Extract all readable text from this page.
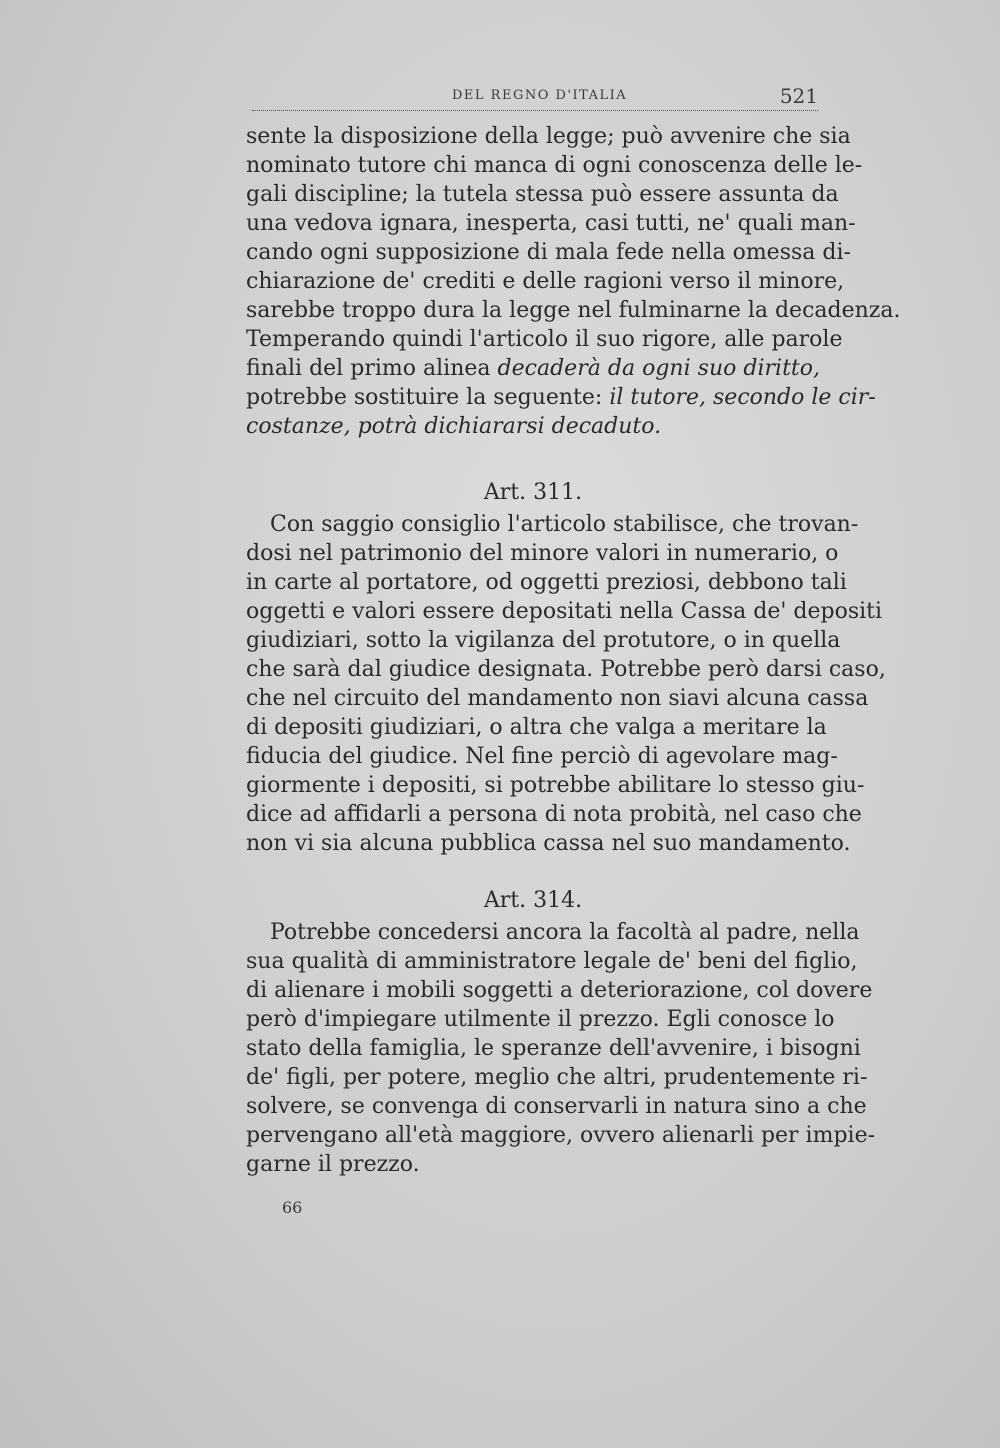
DEL REGNO D'ITALIA	521
sente la disposizione della legge; può avvenire che sia
nominato tutore chi manca di ogni conoscenza delle le-
gali discipline; la tutela stessa può essere assunta da
una vedova ignara, inesperta, casi tutti, ne' quali man-
cando ogni supposizione di mala fede nella omessa di-
chiarazione de' crediti e delle ragioni verso il minore,
sarebbe troppo dura la legge nel fulminarne la decadenza.
Temperando quindi l'articolo il suo rigore, alle parole
finali del primo alinea decaderà da ogni suo diritto,
potrebbe sostituire la seguente: il tutore, secondo le cir-
costanze, potrà dichiararsi decaduto.
Art. 311.
Con saggio consiglio l'articolo stabilisce, che trovan-
dosi nel patrimonio del minore valori in numerario, o
in carte al portatore, od oggetti preziosi, debbono tali
oggetti e valori essere depositati nella Cassa de' depositi
giudiziari, sotto la vigilanza del protutore, o in quella
che sarà dal giudice designata. Potrebbe però darsi caso,
che nel circuito del mandamento non siavi alcuna cassa
di depositi giudiziari, o altra che valga a meritare la
fiducia del giudice. Nel fine perciò di agevolare mag-
giormente i depositi, si potrebbe abilitare lo stesso giu-
dice ad affidarli a persona di nota probità, nel caso che
non vi sia alcuna pubblica cassa nel suo mandamento.
Art. 314.
Potrebbe concedersi ancora la facoltà al padre, nella
sua qualità di amministratore legale de' beni del figlio,
di alienare i mobili soggetti a deteriorazione, col dovere
però d'impiegare utilmente il prezzo. Egli conosce lo
stato della famiglia, le speranze dell'avvenire, i bisogni
de' figli, per potere, meglio che altri, prudentemente ri-
solvere, se convenga di conservarli in natura sino a che
pervengano all'età maggiore, ovvero alienarli per impie-
garne il prezzo.
66
